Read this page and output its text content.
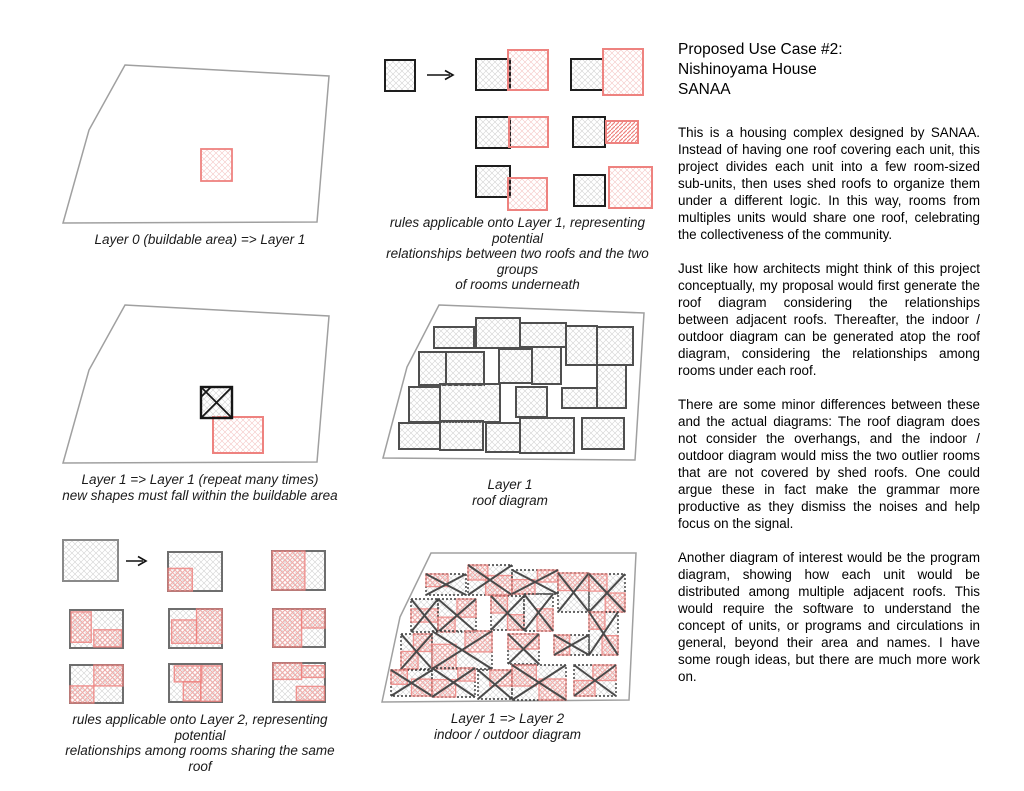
Layer 0 (buildable area) => Layer 1
rules applicable onto Layer 1, representing potential
relationships between two roofs and the two groups
of rooms underneath
Proposed Use Case #2:
Nishinoyama House
SANAA

This is a housing complex designed by SANAA. Instead of having one roof covering each unit, this project divides each unit into a few room-sized sub-units, then uses shed roofs to organize them under a different logic. In this way, rooms from multiples units would share one roof, celebrating the collectiveness of the community.

Just like how architects might think of this project conceptually, my proposal would first generate the roof diagram considering the relationships between adjacent roofs. Thereafter, the indoor / outdoor diagram can be generated atop the roof diagram, considering the relationships among rooms under each roof.

There are some minor differences between these and the actual diagrams: The roof diagram does not consider the overhangs, and the indoor / outdoor diagram would miss the two outlier rooms that are not covered by shed roofs. One could argue these in fact make the grammar more productive as they dismiss the noises and help focus on the signal.

Another diagram of interest would be the program diagram, showing how each unit would be distributed among multiple adjacent roofs. This would require the software to understand the concept of units, or programs and circulations in general, beyond their area and names. I have some rough ideas, but there are much more work on.

Layer 1 => Layer 1 (repeat many times)
new shapes must fall within the buildable area
Layer 1
roof diagram
rules applicable onto Layer 2, representing potential
relationships among rooms sharing the same roof
Layer 1 => Layer 2
indoor / outdoor diagram
